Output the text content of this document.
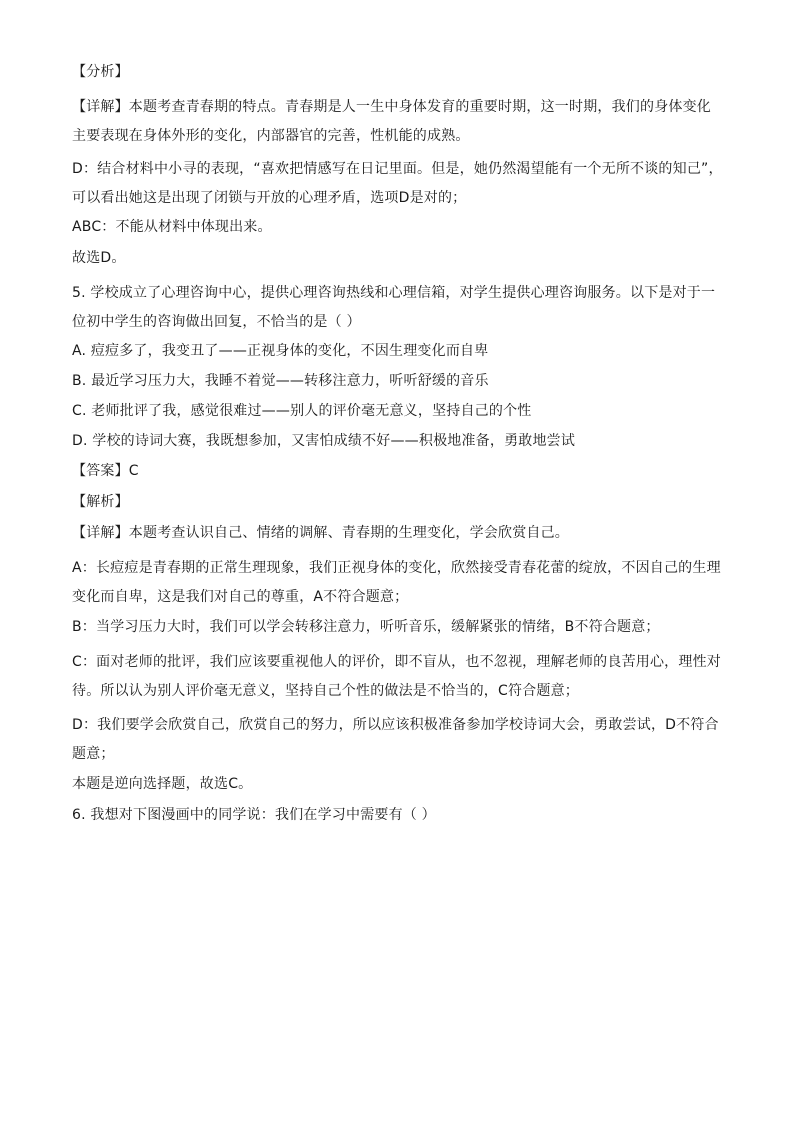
【分析】

【详解】本题考查青春期的特点。青春期是人一生中身体发育的重要时期，这一时期，我们的身体变化主要表现在身体外形的变化，内部器官的完善，性机能的成熟。

D：结合材料中小寻的表现，“喜欢把情感写在日记里面。但是，她仍然渴望能有一个无所不谈的知己”，可以看出她这是出现了闭锁与开放的心理矛盾，选项D是对的；

ABC：不能从材料中体现出来。

故选D。

5. 学校成立了心理咨询中心，提供心理咨询热线和心理信箱，对学生提供心理咨询服务。以下是对于一位初中学生的咨询做出回复，不恰当的是（ ）

A. 痘痘多了，我变丑了——正视身体的变化，不因生理变化而自卑

B. 最近学习压力大，我睡不着觉——转移注意力，听听舒缓的音乐

C. 老师批评了我，感觉很难过——别人的评价毫无意义，坚持自己的个性

D. 学校的诗词大赛，我既想参加，又害怕成绩不好——积极地准备，勇敢地尝试

【答案】C

【解析】

【详解】本题考查认识自己、情绪的调解、青春期的生理变化，学会欣赏自己。

A：长痘痘是青春期的正常生理现象，我们正视身体的变化，欣然接受青春花蕾的绽放，不因自己的生理变化而自卑，这是我们对自己的尊重，A不符合题意；

B：当学习压力大时，我们可以学会转移注意力，听听音乐，缓解紧张的情绪，B不符合题意；

C：面对老师的批评，我们应该要重视他人的评价，即不盲从，也不忽视，理解老师的良苦用心，理性对待。所以认为别人评价毫无意义，坚持自己个性的做法是不恰当的，C符合题意；

D：我们要学会欣赏自己，欣赏自己的努力，所以应该积极准备参加学校诗词大会，勇敢尝试，D不符合题意；

本题是逆向选择题，故选C。

6. 我想对下图漫画中的同学说：我们在学习中需要有（ ）
